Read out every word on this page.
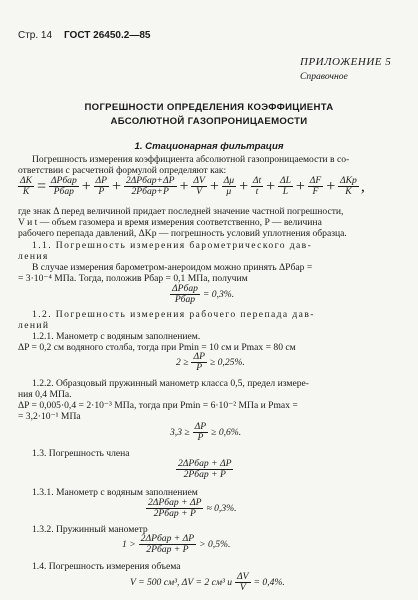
Стр. 14 ГОСТ 26450.2—85
ПРИЛОЖЕНИЕ 5
Справочное
ПОГРЕШНОСТИ ОПРЕДЕЛЕНИЯ КОЭФФИЦИЕНТА
АБСОЛЮТНОЙ ГАЗОПРОНИЦАЕМОСТИ
1. Стационарная фильтрация
Погрешность измерения коэффициента абсолютной газопроницаемости в со-
ответствии с расчетной формулой определяют как:
$\frac{\Delta K}{K} = \frac{\text{ΔPбар}}{\text{Pбар}} + \frac{\Delta P}{P} + \frac{\text{2ΔPбар+ΔP}}{\text{2Pбар+P}} + \frac{\Delta V}{V} + \frac{\Delta\mu}{\mu} + \frac{\Delta t}{t} + \frac{\Delta L}{L} + \frac{\Delta F}{F} + \frac{\text{ΔKр}}{K}$ ,
где знак Δ перед величиной придает последней значение частной погрешности,
V и t — объем газомера и время измерения соответственно, P — величина
рабочего перепада давлений, ΔKр — погрешность условий уплотнения образца.
1.1. Погрешность измерения барометрического дав-
ления
В случае измерения барометром-анероидом можно принять ΔPбар =
= 3·10⁻⁴ МПа. Тогда, положив Pбар = 0,1 МПа, получим
$\frac{\text{ΔPбар}}{\text{Pбар}} = 0,3\%$.
1.2. Погрешность измерения рабочего перепада дав-
лений
1.2.1. Манометр с водяным заполнением.
ΔP = 0,2 см водяного столба, тогда при Pmin = 10 см и Pmax = 80 см
$2 \ge \frac{\Delta P}{P} \ge 0,25\%$.
1.2.2. Образцовый пружинный манометр класса 0,5, предел измере-
ния 0,4 МПа.
ΔP = 0,005·0,4 = 2·10⁻³ МПа, тогда при Pmin = 6·10⁻² МПа и Pmax =
= 3,2·10⁻¹ МПа
$3,3 \ge \frac{\Delta P}{P} \ge 0,6\%$.
1.3. Погрешность члена
$\frac{\text{2ΔPбар + ΔP}}{\text{2Pбар + P}}$
1.3.1. Манометр с водяным заполнением
$\frac{\text{2ΔPбар + ΔP}}{\text{2Pбар + P}} \approx 0,3\%$.
1.3.2. Пружинный манометр
$1 > \frac{\text{2ΔPбар + ΔP}}{\text{2Pбар + P}} > 0,5\%$.
1.4. Погрешность измерения объема
V = 500 см³, ΔV = 2 см³ и $\frac{\Delta V}{V} = 0,4\%$.
